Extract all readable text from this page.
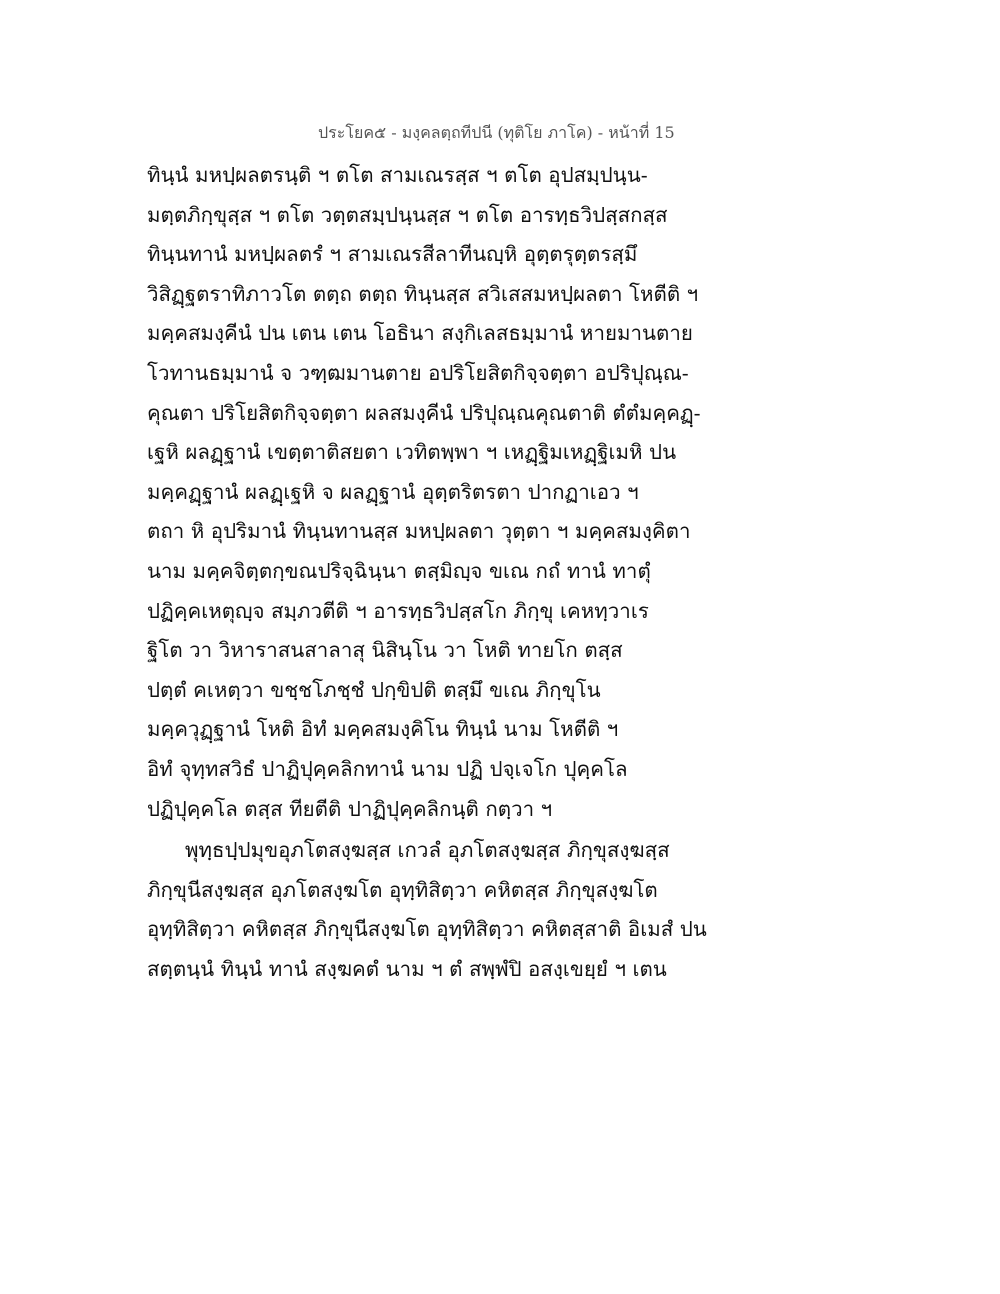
ประโยค๕ - มงฺคลตฺถทีปนี (ทุติโย ภาโค) - หน้าที่ 15
ทินฺนํ มหปฺผลตรนฺติ ฯ ตโต สามเณรสฺส ฯ ตโต อุปสมฺปนฺน-
มตฺตภิกฺขุสฺส ฯ ตโต วตฺตสมฺปนฺนสฺส ฯ ตโต อารทฺธวิปสฺสกสฺส
ทินฺนทานํ มหปฺผลตรํ ฯ สามเณรสีลาทีนญฺหิ อุตฺตรุตฺตรสฺมึ
วิสิฏฺฐตราทิภาวโต ตตฺถ ตตฺถ ทินฺนสฺส สวิเสสมหปฺผลตา โหตีติ ฯ
มคฺคสมงฺคีนํ ปน เตน เตน โอธินา สงฺกิเลสธมฺมานํ หายมานตาย
โวทานธมฺมานํ จ วฑฺฒมานตาย อปริโยสิตกิจฺจตฺตา อปริปุณฺณ-
คุณตา ปริโยสิตกิจฺจตฺตา ผลสมงฺคีนํ ปริปุณฺณคุณตาติ ตํตํมคฺคฏฺ-
เฐหิ ผลฏฺฐานํ เขตฺตาติสยตา เวทิตพฺพา ฯ เหฏฺฐิมเหฏฺฐิเมหิ ปน
มคฺคฏฺฐานํ ผลฏฺเฐหิ จ ผลฏฺฐานํ อุตฺตริตรตา ปากฏาเอว ฯ
ตถา หิ อุปริมานํ ทินฺนทานสฺส มหปฺผลตา วุตฺตา ฯ มคฺคสมงฺคิตา
นาม มคฺคจิตฺตกฺขณปริจฺฉินฺนา ตสฺมิญฺจ ขเณ กถํ ทานํ ทาตุํ
ปฏิคฺคเหตุญฺจ สมฺภวตีติ ฯ อารทฺธวิปสฺสโก ภิกฺขุ เคหทฺวาเร
ฐิโต วา วิหาราสนสาลาสุ นิสินฺโน วา โหติ ทายโก ตสฺส
ปตฺตํ คเหตฺวา ขชฺชโภชฺชํ ปกฺขิปติ ตสฺมึ ขเณ ภิกฺขุโน
มคฺควุฏฺฐานํ โหติ อิทํ มคฺคสมงฺคิโน ทินฺนํ นาม โหตีติ ฯ
อิทํ จุทฺทสวิธํ ปาฏิปุคฺคลิกทานํ นาม ปฏิ ปจฺเจโก ปุคฺคโล
ปฏิปุคฺคโล ตสฺส ทียตีติ ปาฏิปุคฺคลิกนฺติ กตฺวา ฯ
พุทฺธปฺปมุขอุภโตสงฺฆสฺส เกวลํ อุภโตสงฺฆสฺส ภิกฺขุสงฺฆสฺส
ภิกฺขุนีสงฺฆสฺส อุภโตสงฺฆโต อุทฺทิสิตฺวา คหิตสฺส ภิกฺขุสงฺฆโต
อุทฺทิสิตฺวา คหิตสฺส ภิกฺขุนีสงฺฆโต อุทฺทิสิตฺวา คหิตสฺสาติ อิเมสํ ปน
สตฺตนฺนํ ทินฺนํ ทานํ สงฺฆคตํ นาม ฯ ตํ สพฺพํปิ อสงฺเขยฺยํ ฯ เตน
